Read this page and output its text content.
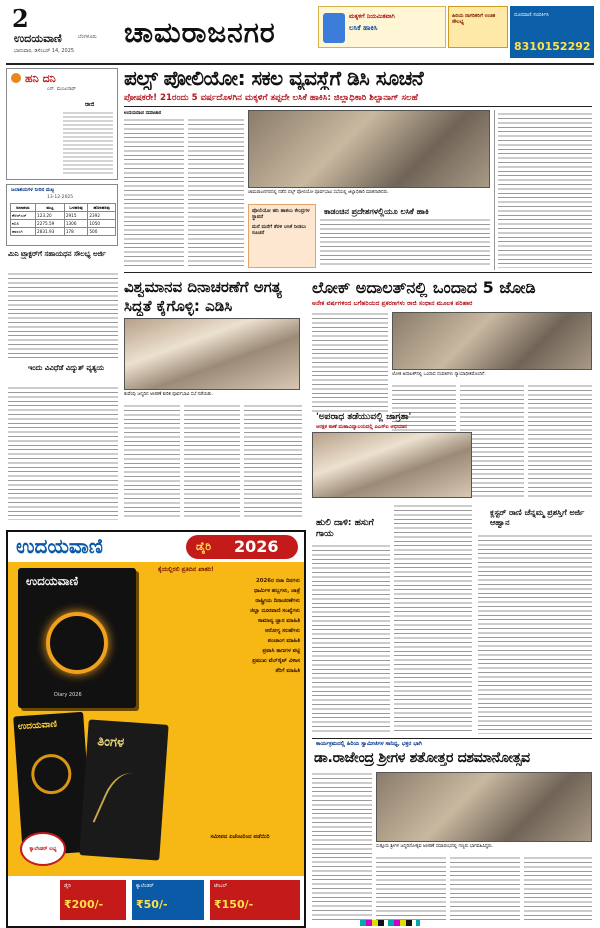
2
ಉದಯವಾಣಿ	ಬೆಂಗಳೂರು
ಭಾನುವಾರ, ಡಿಸೆಂಬರ್ 14, 2025
ಚಾಮರಾಜನಗರ	ಮಕ್ಕಳಿಗೆ ನಿಯಮಿತವಾಗಿ
ಲಸಿಕೆ ಹಾಕಿಸಿ
ಹಿರಿಯ ನಾಗರಿಕರಿಗೆ ಉಚಿತ ಸೌಲಭ್ಯ
ದೂರವಾಣಿ ಸಂಪರ್ಕಿಸಿ
8310152292
ಹನಿ ದನಿ
ಎನ್. ಮಂಜುನಾಥ್
ರಾಜಿ
ಜಲಾಶಯಗಳ ನೀರಿನ ಮಟ್ಟ
13-12-2025
ಜಲಾಶಯ	ಮಟ್ಟ	ಒಳಹರಿವು	ಹೊರಹರಿವು
ಕೆಆರ್‌ಎಸ್	123.20	2915	2392
ಕಬಿನಿ	2275.59	1306	1050
ಹಾರಂಗಿ	2831.93	178	500
ಮಿನಿ ಟ್ರ್ಯಾಕ್ಟರ್‌ಗೆ ಸಹಾಯಧನ ಸೌಲಭ್ಯ ಅರ್ಜಿ
ಇಂದು ವಿವಿಧೆಡೆ ವಿದ್ಯುತ್ ವ್ಯತ್ಯಯ
ಪಲ್ಸ್ ಪೋಲಿಯೋ: ಸಕಲ ವ್ಯವಸ್ಥೆಗೆ ಡಿಸಿ ಸೂಚನೆ
ಪೋಷಕರೇ! 21ರಂದು 5 ವರ್ಷದೊಳಗಿನ ಮಕ್ಕಳಿಗೆ ತಪ್ಪದೇ ಲಸಿಕೆ ಹಾಕಿಸಿ: ಜಿಲ್ಲಾಧಿಕಾರಿ ಶಿಲ್ಪಾನಾಗ್ ಸಲಹೆ
ಉದಯವಾಣಿ ಸಮಾಚಾರ
ಚಾಮರಾಜನಗರದಲ್ಲಿ ನಡೆದ ಪಲ್ಸ್ ಪೋಲಿಯೋ ಪೂರ್ವಭಾವಿ ಸಭೆಯಲ್ಲಿ ಜಿಲ್ಲಾಧಿಕಾರಿ ಮಾತನಾಡಿದರು.
ಪೋಲಿಯೋ ಹನಿ ಹಾಕಲು ಕೇಂದ್ರಗಳ ಸ್ಥಾಪನೆ
ಮನೆ ಮನೆಗೆ ತೆರಳಿ ಲಸಿಕೆ ನೀಡಲು ಸೂಚನೆ
ಕಾಡಂಚಿನ ಪ್ರದೇಶಗಳಲ್ಲಿಯೂ ಲಸಿಕೆ ಹಾಕಿ
ವಿಶ್ವಮಾನವ ದಿನಾಚರಣೆಗೆ ಅಗತ್ಯ ಸಿದ್ಧತೆ ಕೈಗೊಳ್ಳಿ: ಎಡಿಸಿ
ಕುವೆಂಪು ಜನ್ಮದಿನ ಆಚರಣೆ ಕುರಿತ ಪೂರ್ವಭಾವಿ ಸಭೆ ನಡೆಯಿತು.
ಲೋಕ್ ಅದಾಲತ್‌ನಲ್ಲಿ ಒಂದಾದ 5 ಜೋಡಿ
ಅನೇಕ ವರ್ಷಗಳಿಂದ ಬಗೆಹರಿಯದ ಪ್ರಕರಣಗಳು ರಾಜಿ ಸಂಧಾನ ಮೂಲಕ ಪರಿಹಾರ
ಲೋಕ ಅದಾಲತ್‌ನಲ್ಲಿ ಒಂದಾದ ದಂಪತಿಗಳು ನ್ಯಾಯಾಧೀಶರೊಂದಿಗೆ.
'ಅಪರಾಧ ತಡೆಯುವಲ್ಲಿ ಜಾಗ್ರತಾ'
ಆರಕ್ಷಕ ಠಾಣೆ ಮಹಾವಿದ್ಯಾಲಯದಲ್ಲಿ ಪಿಎಸ್‌ಐ ಅಭಿಯಾನ
ಹುಲಿ ದಾಳಿ: ಹಸುಗೆ ಗಾಯ
ಕ್ಲಸ್ಟರ್ ರಾಣಿ ಚೆನ್ನಮ್ಮ ಪ್ರಶಸ್ತಿಗೆ ಅರ್ಜಿ ಆಹ್ವಾನ
ಉದಯವಾಣಿ	ಡೈರಿ 2026
ಕೈಯಲ್ಲಿರಲಿ ಪ್ರತಿದಿನ ಖಾತರಿ!
ಉದಯವಾಣಿ
Diary 2026
2026ರ ರಜಾ ದಿನಗಳು
ಧಾರ್ಮಿಕ ಹಬ್ಬಗಳು, ಜಾತ್ರೆ
ರಾಷ್ಟ್ರೀಯ ದಿನಾಚರಣೆಗಳು
ಜಿಲ್ಲಾ ದೂರವಾಣಿ ಸಂಖ್ಯೆಗಳು
ಸಾಮಾನ್ಯ ಜ್ಞಾನ ಮಾಹಿತಿ
ಆರೋಗ್ಯ ಸಲಹೆಗಳು
ಪಂಚಾಂಗ ಮಾಹಿತಿ
ಪ್ರವಾಸಿ ತಾಣಗಳ ಪಟ್ಟಿ
ಪ್ರಮುಖ ವೆಬ್‌ಸೈಟ್ ವಿಳಾಸ
ತೆರಿಗೆ ಮಾಹಿತಿ
ಉದಯವಾಣಿ
ತಿಂಗಳ
ಕ್ಯಾಲೆಂಡರ್ ಲಭ್ಯ
ಸಮೀಪದ ಏಜೆಂಟರಿಂದ ಪಡೆಯಿರಿ
ಡೈರಿ
₹200/-
ಕ್ಯಾಲೆಂಡರ್
₹50/-
ಟೇಬಲ್
₹150/-
ಕಾರ್ಯಕ್ರಮದಲ್ಲಿ ಹಿರಿಯ ಸ್ವಾಮೀಜಿಗಳ ಸಾನಿಧ್ಯ, ಭಕ್ತರ ಭಾಗಿ
ಡಾ.ರಾಜೇಂದ್ರ ಶ್ರೀಗಳ ಶತೋತ್ತರ ದಶಮಾನೋತ್ಸವ
ಸುತ್ತೂರು ಶ್ರೀಗಳ ಜನ್ಮದಿನೋತ್ಸವ ಆಚರಣೆ ಸಮಾರಂಭದಲ್ಲಿ ಗಣ್ಯರು ಭಾಗವಹಿಸಿದ್ದರು.
